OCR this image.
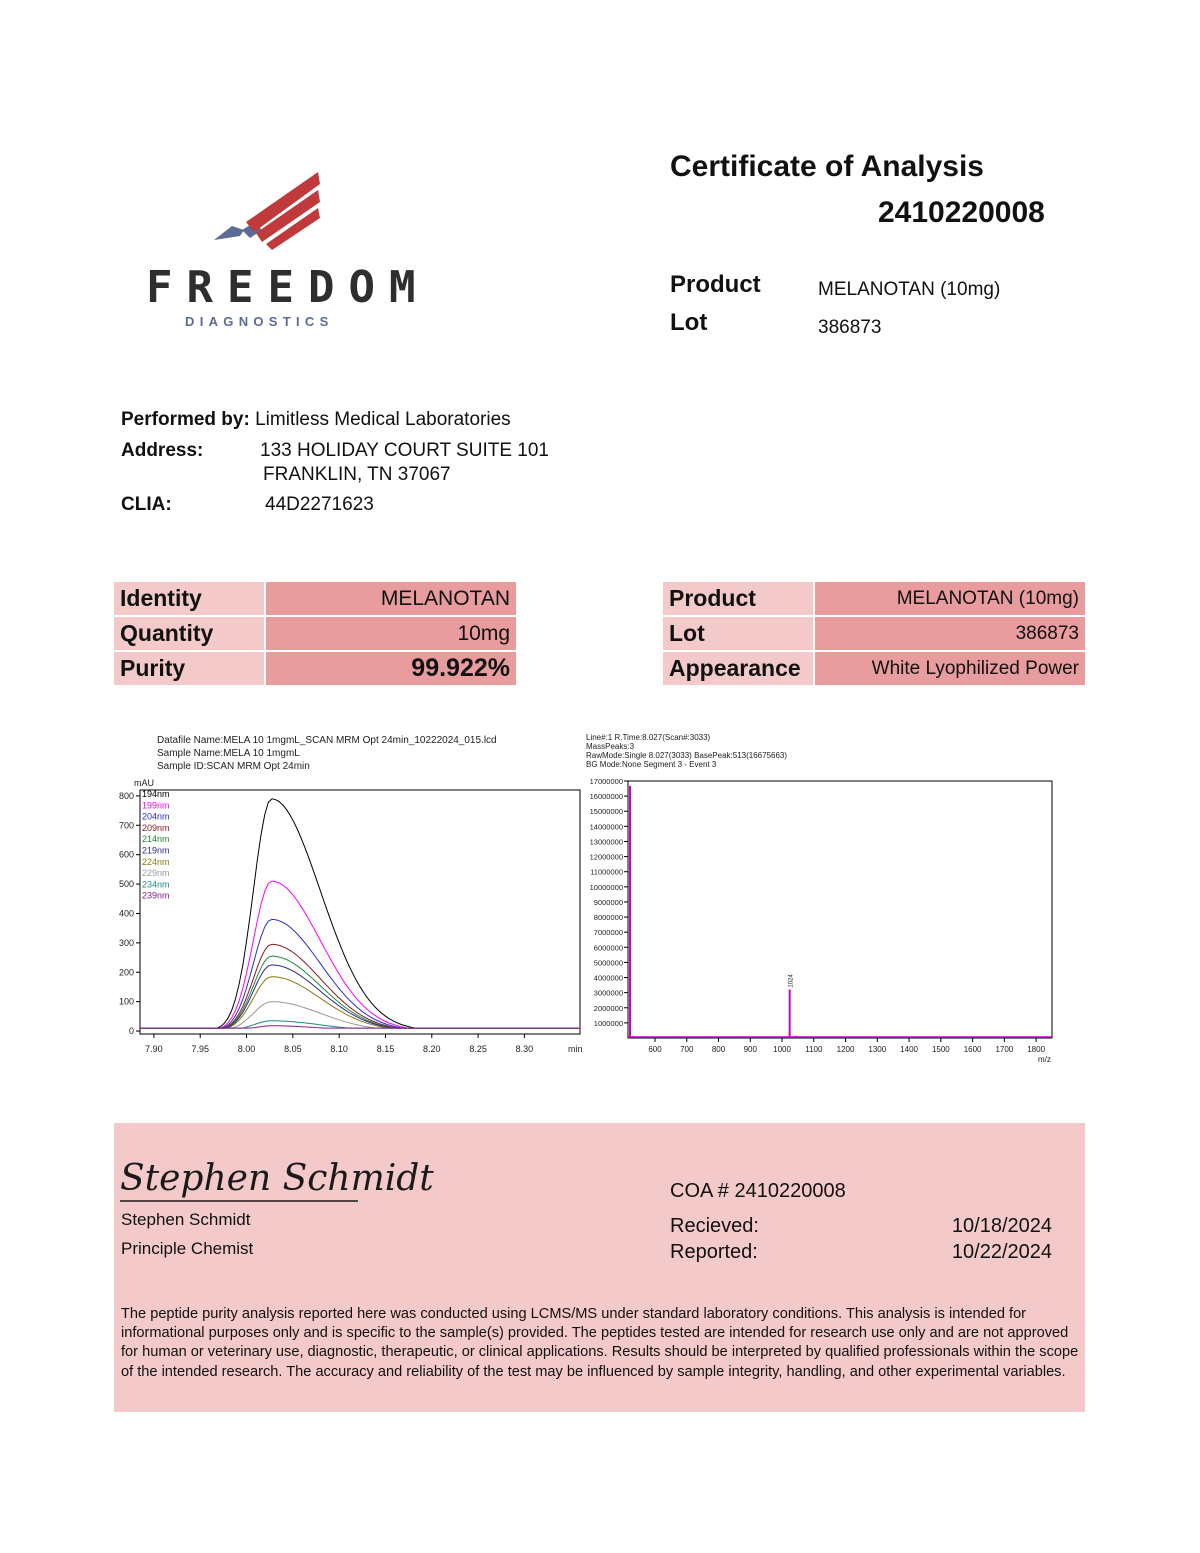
FREEDOM
DIAGNOSTICS
Certificate of Analysis
2410220008
Product	MELANOTAN (10mg)
Lot	386873
Performed by: Limitless Medical Laboratories
Address:	133 HOLIDAY COURT SUITE 101
FRANKLIN, TN 37067
CLIA:	44D2271623
Identity	MELANOTAN
Quantity	10mg
Purity	99.922%
Product	MELANOTAN (10mg)
Lot	386873
Appearance	White Lyophilized Power
Datafile Name:MELA 10 1mgmL_SCAN MRM Opt 24min_10222024_015.lcd
Sample Name:MELA 10 1mgmL
Sample ID:SCAN MRM Opt 24min
mAU
0
100
200
300
400
500
600
700
800
7.90	7.95	8.00	8.05	8.10	8.15	8.20	8.25	8.30	min
194nm
199nm
204nm
209nm
214nm
219nm
224nm
229nm
234nm
239nm
Line#:1 R.Time:8.027(Scan#:3033)
MassPeaks:3
RawMode:Single 8.027(3033) BasePeak:513(16675663)
BG Mode:None Segment 3 - Event 3
1000000
2000000
3000000
4000000
5000000
6000000
7000000
8000000
9000000
10000000
11000000
12000000
13000000
14000000
15000000
16000000
17000000
600 700 800 900 1000 1100 1200 1300 1400 1500 1600 1700 1800
m/z
1024
Stephen Schmidt
Stephen Schmidt
Principle Chemist
COA # 2410220008
Recieved:	10/18/2024
Reported:	10/22/2024
The peptide purity analysis reported here was conducted using LCMS/MS under standard laboratory conditions. This analysis is intended for informational purposes only and is specific to the sample(s) provided. The peptides tested are intended for research use only and are not approved for human or veterinary use, diagnostic, therapeutic, or clinical applications. Results should be interpreted by qualified professionals within the scope of the intended research. The accuracy and reliability of the test may be influenced by sample integrity, handling, and other experimental variables.
